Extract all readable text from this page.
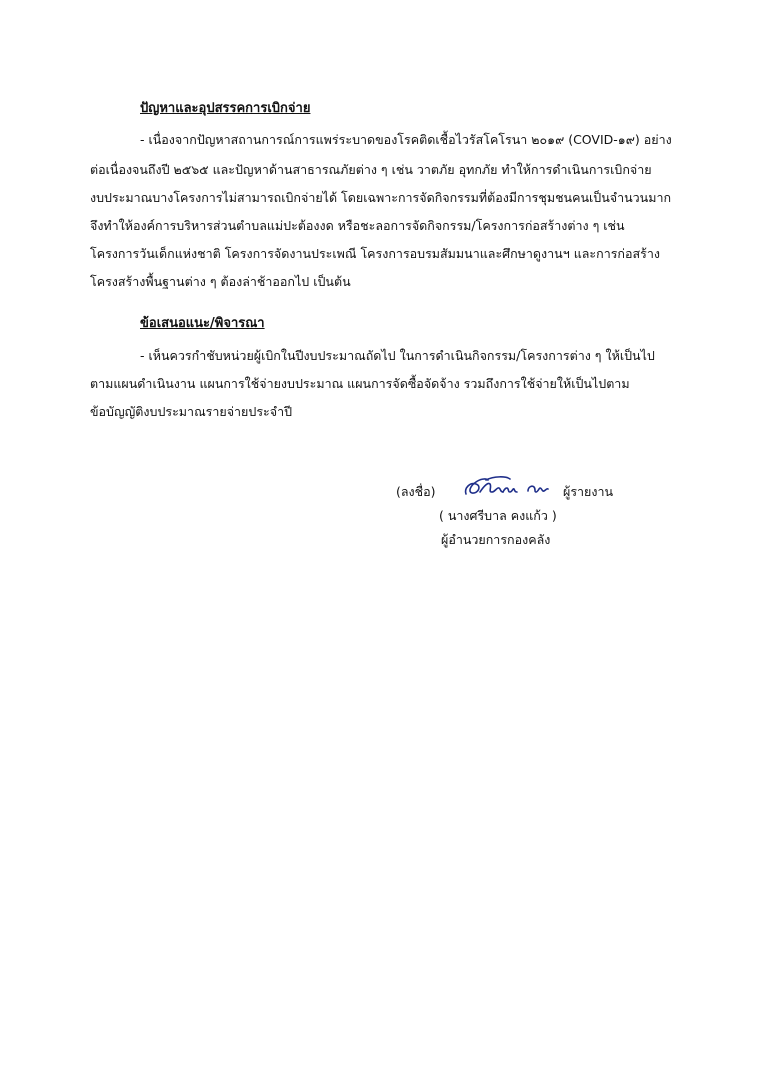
ปัญหาและอุปสรรคการเบิกจ่าย
- เนื่องจากปัญหาสถานการณ์การแพร่ระบาดของโรคติดเชื้อไวรัสโคโรนา ๒๐๑๙ (COVID-๑๙) อย่าง
ต่อเนื่องจนถึงปี ๒๕๖๕ และปัญหาด้านสาธารณภัยต่าง ๆ เช่น วาตภัย อุทกภัย ทำให้การดำเนินการเบิกจ่าย
งบประมาณบางโครงการไม่สามารถเบิกจ่ายได้ โดยเฉพาะการจัดกิจกรรมที่ต้องมีการชุมชนคนเป็นจำนวนมาก
จึงทำให้องค์การบริหารส่วนตำบลแม่ปะต้องงด หรือชะลอการจัดกิจกรรม/โครงการก่อสร้างต่าง ๆ เช่น
โครงการวันเด็กแห่งชาติ โครงการจัดงานประเพณี โครงการอบรมสัมมนาและศึกษาดูงานฯ และการก่อสร้าง
โครงสร้างพื้นฐานต่าง ๆ ต้องล่าช้าออกไป เป็นต้น
ข้อเสนอแนะ/พิจารณา
- เห็นควรกำชับหน่วยผู้เบิกในปีงบประมาณถัดไป ในการดำเนินกิจกรรม/โครงการต่าง ๆ ให้เป็นไป
ตามแผนดำเนินงาน แผนการใช้จ่ายงบประมาณ แผนการจัดซื้อจัดจ้าง รวมถึงการใช้จ่ายให้เป็นไปตาม
ข้อบัญญัติงบประมาณรายจ่ายประจำปี
(ลงชื่อ)	ผู้รายงาน
( นางศรีบาล คงแก้ว )
ผู้อำนวยการกองคลัง
